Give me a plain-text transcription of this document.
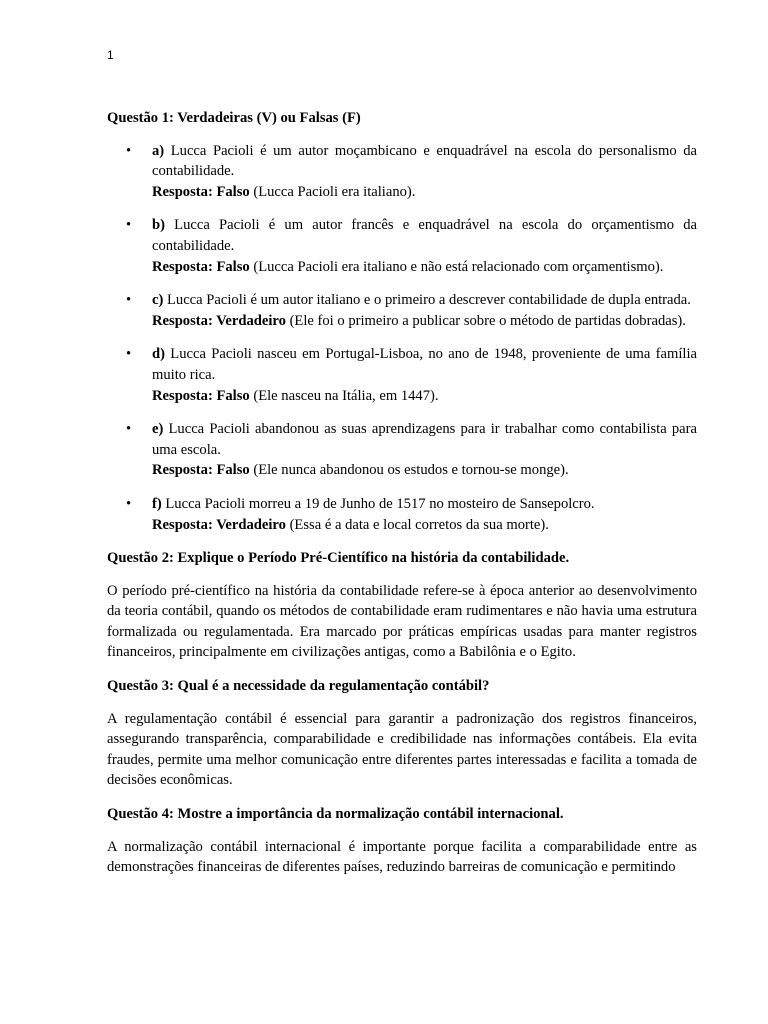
1
Questão 1: Verdadeiras (V) ou Falsas (F)
• a) Lucca Pacioli é um autor moçambicano e enquadrável na escola do personalismo da contabilidade.
Resposta: Falso (Lucca Pacioli era italiano).
• b) Lucca Pacioli é um autor francês e enquadrável na escola do orçamentismo da contabilidade.
Resposta: Falso (Lucca Pacioli era italiano e não está relacionado com orçamentismo).
• c) Lucca Pacioli é um autor italiano e o primeiro a descrever contabilidade de dupla entrada.
Resposta: Verdadeiro (Ele foi o primeiro a publicar sobre o método de partidas dobradas).
• d) Lucca Pacioli nasceu em Portugal-Lisboa, no ano de 1948, proveniente de uma família muito rica.
Resposta: Falso (Ele nasceu na Itália, em 1447).
• e) Lucca Pacioli abandonou as suas aprendizagens para ir trabalhar como contabilista para uma escola.
Resposta: Falso (Ele nunca abandonou os estudos e tornou-se monge).
• f) Lucca Pacioli morreu a 19 de Junho de 1517 no mosteiro de Sansepolcro.
Resposta: Verdadeiro (Essa é a data e local corretos da sua morte).
Questão 2: Explique o Período Pré-Científico na história da contabilidade.

O período pré-científico na história da contabilidade refere-se à época anterior ao desenvolvimento da teoria contábil, quando os métodos de contabilidade eram rudimentares e não havia uma estrutura formalizada ou regulamentada. Era marcado por práticas empíricas usadas para manter registros financeiros, principalmente em civilizações antigas, como a Babilônia e o Egito.

Questão 3: Qual é a necessidade da regulamentação contábil?

A regulamentação contábil é essencial para garantir a padronização dos registros financeiros, assegurando transparência, comparabilidade e credibilidade nas informações contábeis. Ela evita fraudes, permite uma melhor comunicação entre diferentes partes interessadas e facilita a tomada de decisões econômicas.

Questão 4: Mostre a importância da normalização contábil internacional.

A normalização contábil internacional é importante porque facilita a comparabilidade entre as demonstrações financeiras de diferentes países, reduzindo barreiras de comunicação e permitindo
